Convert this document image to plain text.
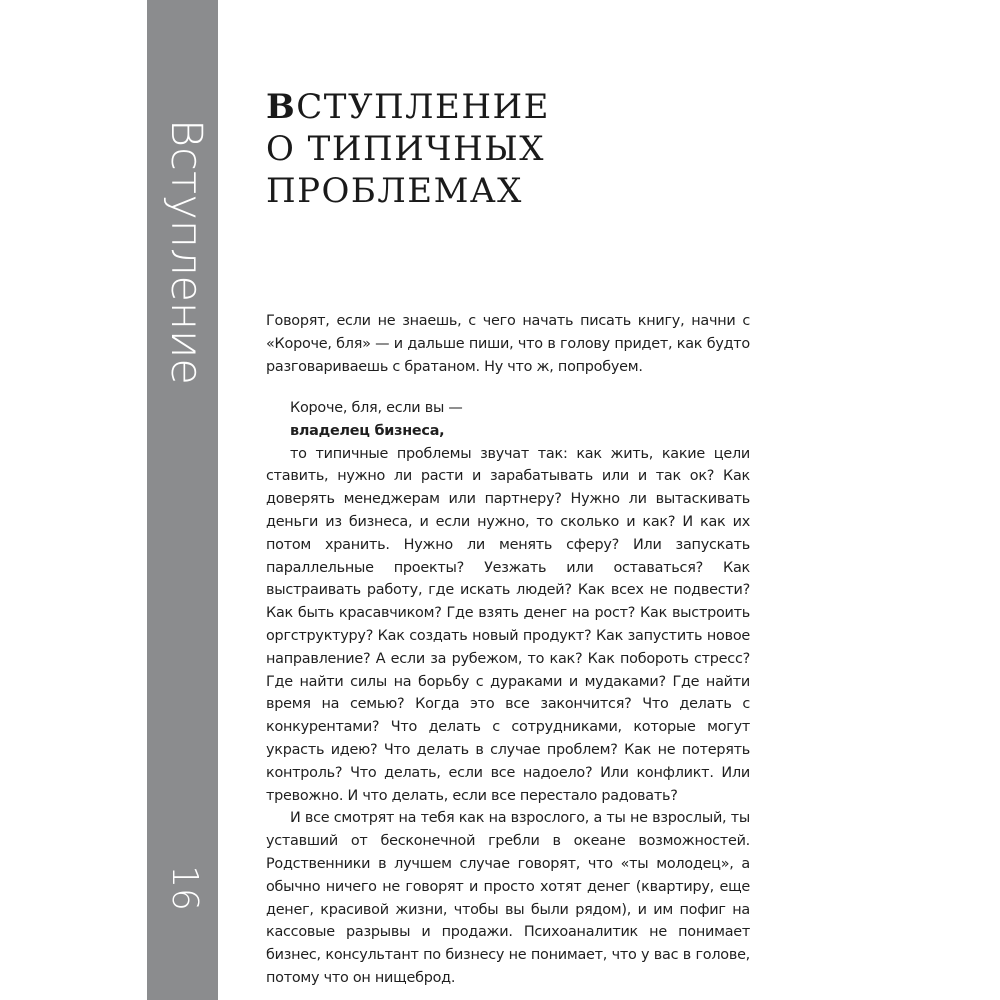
Вступление
16
ВСТУПЛЕНИЕ
О ТИПИЧНЫХ
ПРОБЛЕМАХ

Говорят, если не знаешь, с чего начать писать книгу, начни с «Короче, бля» — и дальше пиши, что в голову придет, как будто разговариваешь с братаном. Ну что ж, попробуем.

Короче, бля, если вы —

владелец бизнеса,

то типичные проблемы звучат так: как жить, какие цели ставить, нужно ли расти и зарабатывать или и так ок? Как доверять менеджерам или партнеру? Нужно ли вытаскивать деньги из бизнеса, и если нужно, то сколько и как? И как их потом хранить. Нужно ли менять сферу? Или запускать параллельные проекты? Уезжать или оставаться? Как выстраивать работу, где искать людей? Как всех не подвести? Как быть красавчиком? Где взять денег на рост? Как выстроить оргструктуру? Как создать новый продукт? Как запустить новое направление? А если за рубежом, то как? Как побороть стресс? Где найти силы на борьбу с дураками и мудаками? Где найти время на семью? Когда это все закончится? Что делать с конкурентами? Что делать с сотрудниками, которые могут украсть идею? Что делать в случае проблем? Как не потерять контроль? Что делать, если все надоело? Или конфликт. Или тревожно. И что делать, если все перестало радовать?

И все смотрят на тебя как на взрослого, а ты не взрослый, ты уставший от бесконечной гребли в океане возможностей. Родственники в лучшем случае говорят, что «ты молодец», а обычно ничего не говорят и просто хотят денег (квартиру, еще денег, красивой жизни, чтобы вы были рядом), и им пофиг на кассовые разрывы и продажи. Психоаналитик не понимает бизнес, консультант по бизнесу не понимает, что у вас в голове, потому что он нищеброд.
